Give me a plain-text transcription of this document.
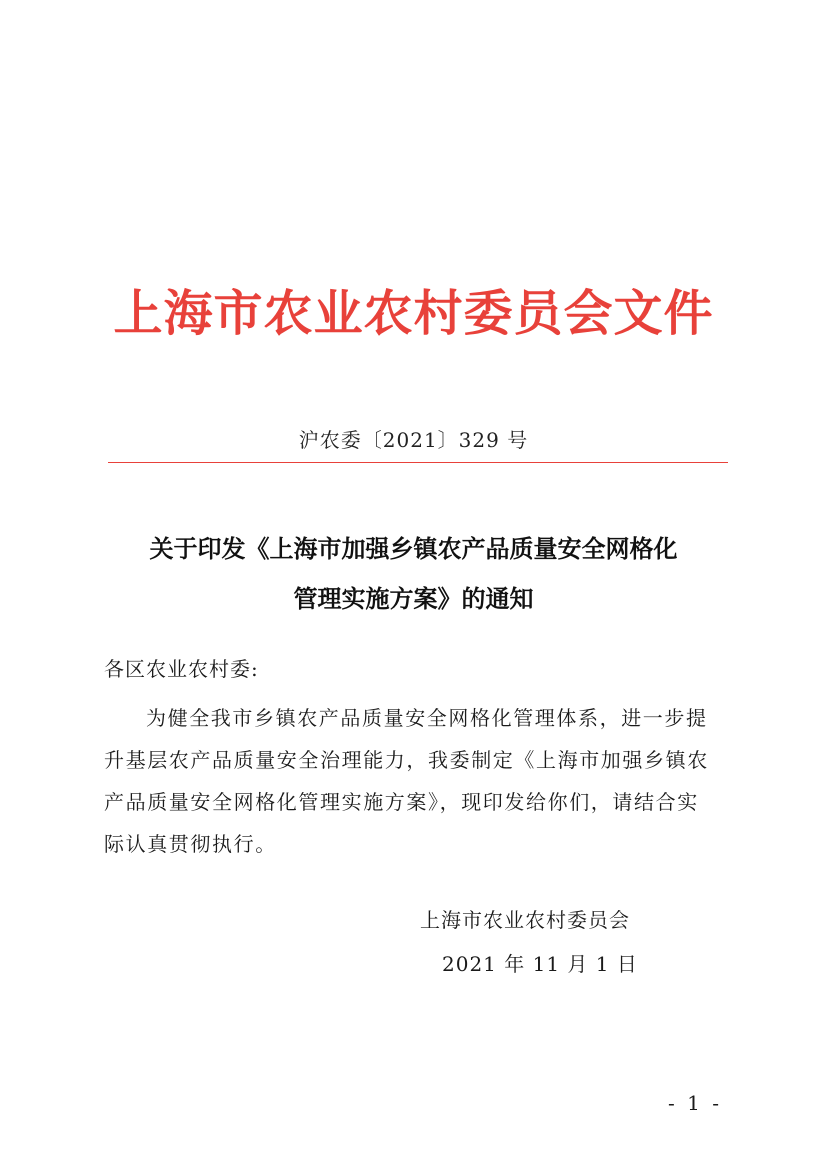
上海市农业农村委员会文件
沪农委〔2021〕329 号
关于印发《上海市加强乡镇农产品质量安全网格化
管理实施方案》的通知
各区农业农村委:
为健全我市乡镇农产品质量安全网格化管理体系，进一步提
升基层农产品质量安全治理能力，我委制定《上海市加强乡镇农
产品质量安全网格化管理实施方案》，现印发给你们，请结合实
际认真贯彻执行。
上海市农业农村委员会
2021 年 11 月 1 日
- 1 -
